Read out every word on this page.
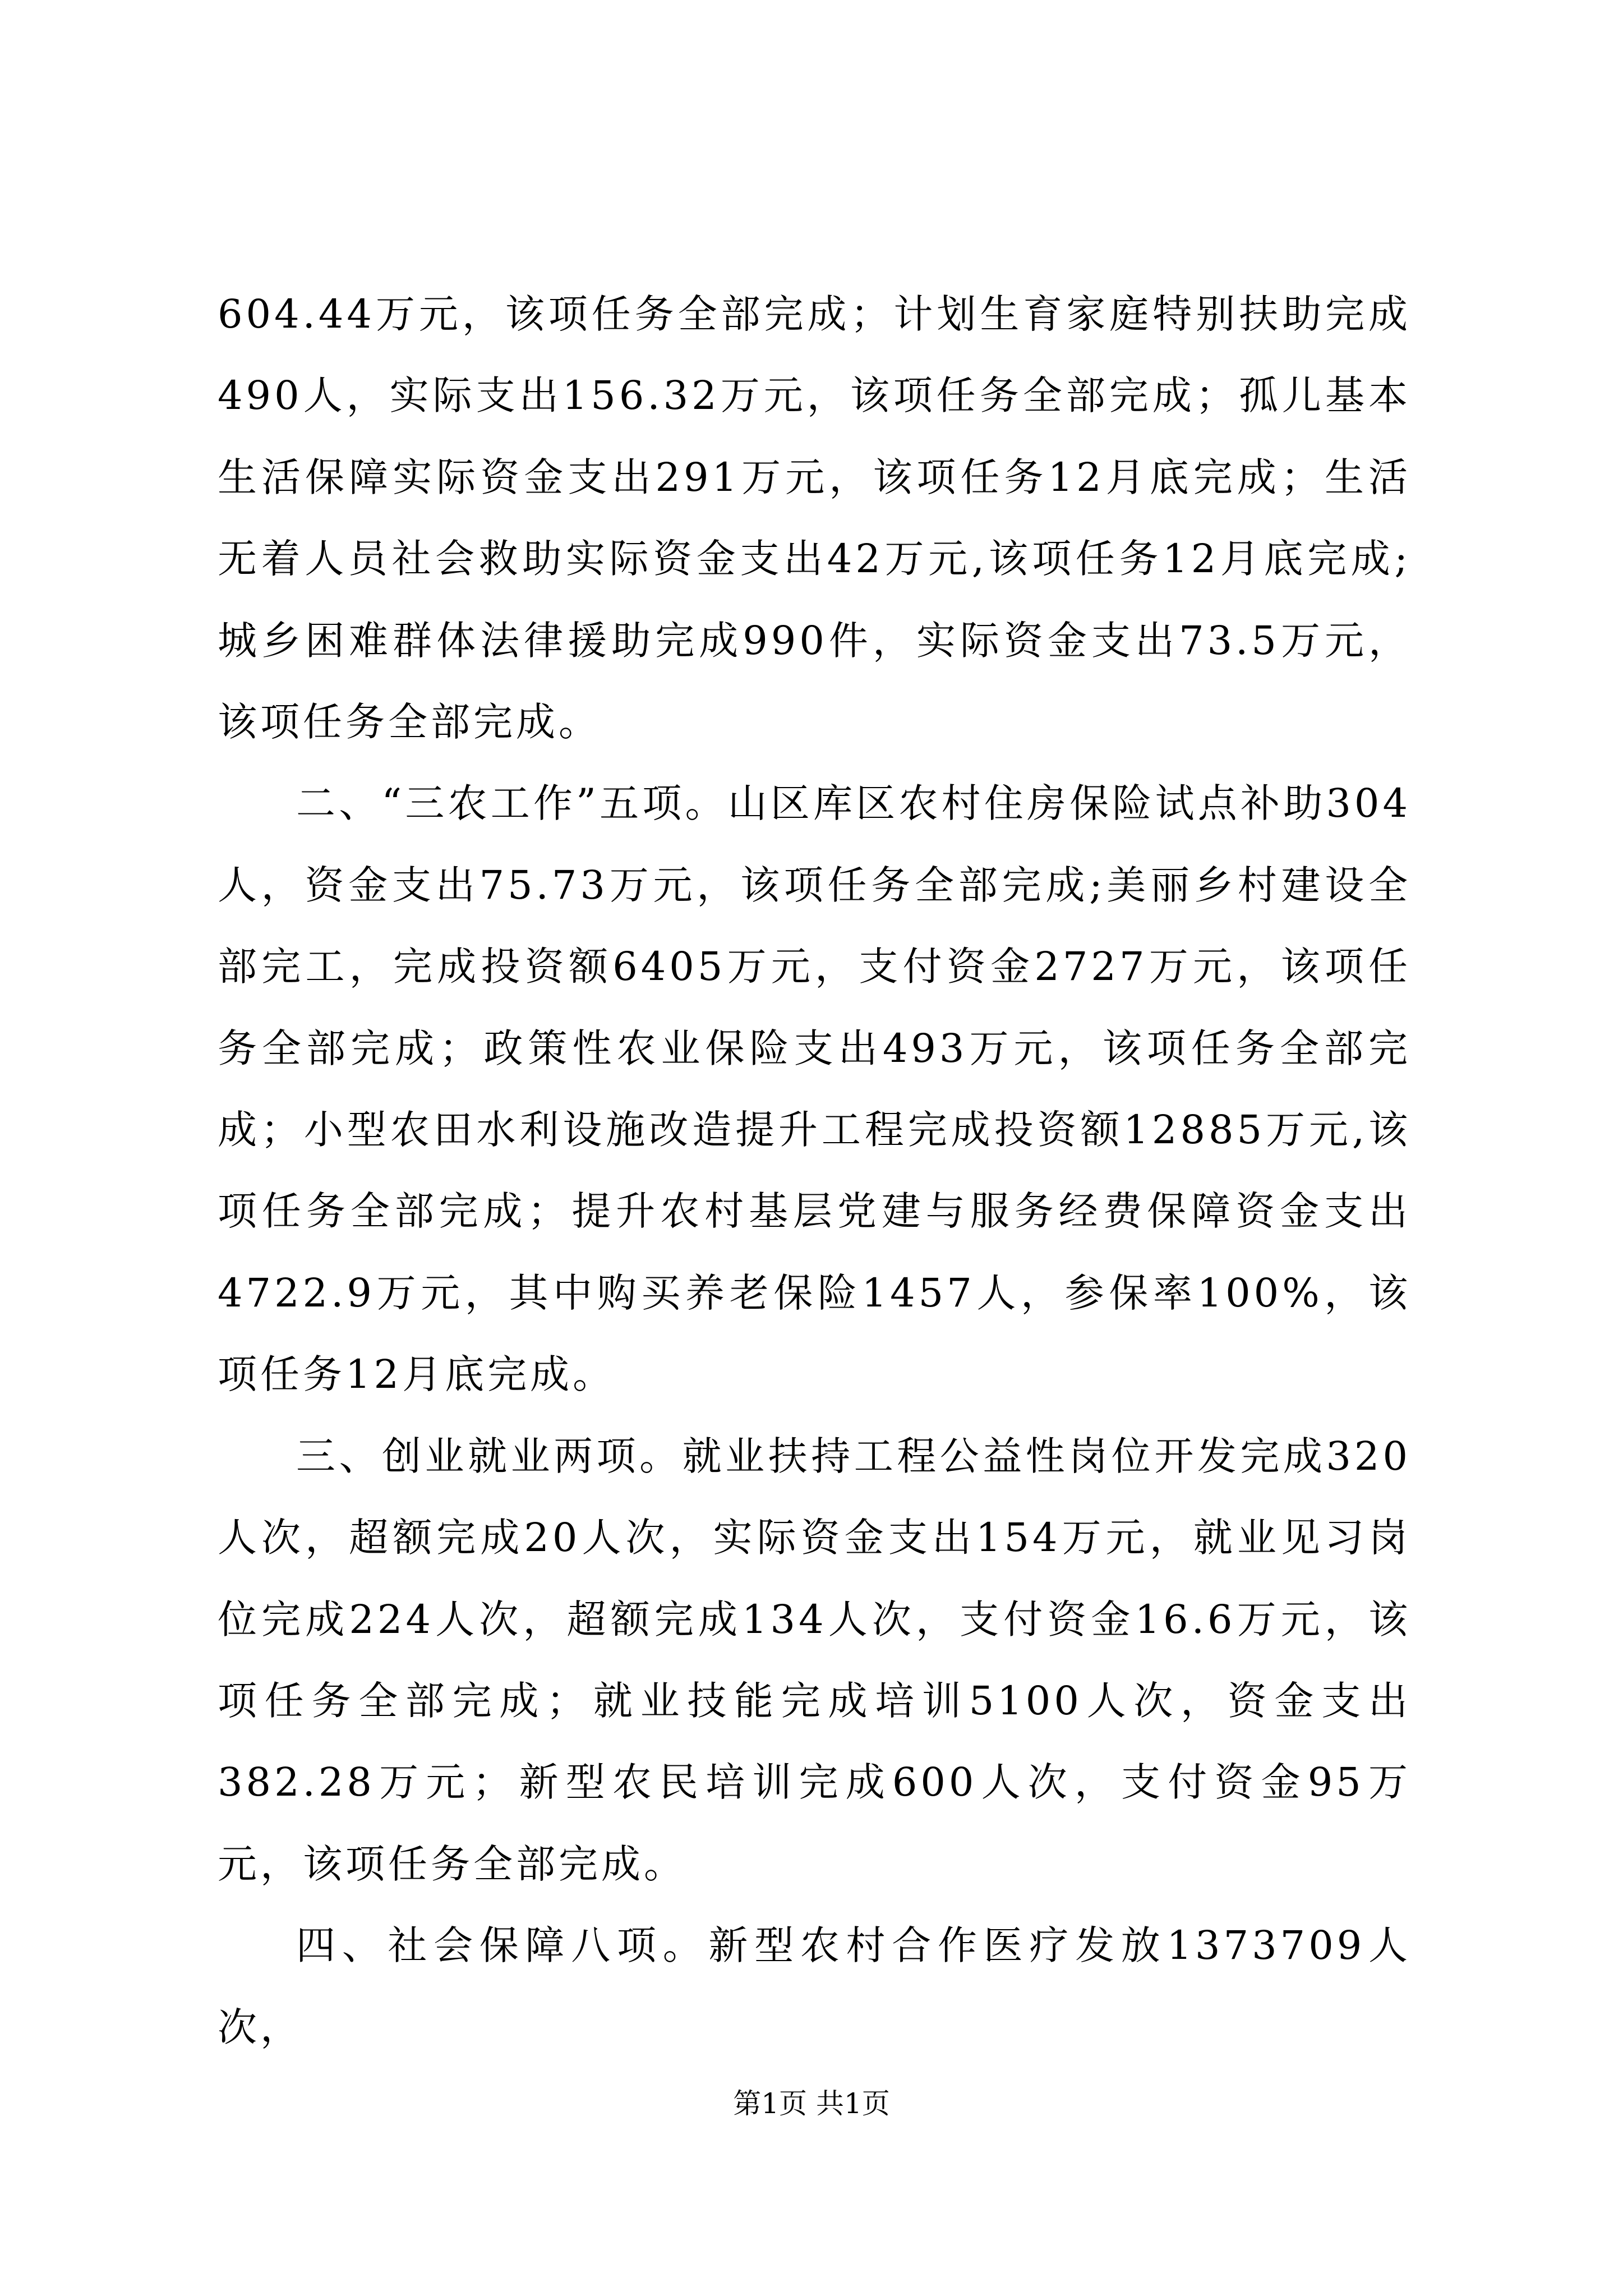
604.44万元，该项任务全部完成；计划生育家庭特别扶助完成490人，实际支出156.32万元，该项任务全部完成；孤儿基本生活保障实际资金支出291万元，该项任务12月底完成；生活无着人员社会救助实际资金支出42万元,该项任务12月底完成;城乡困难群体法律援助完成990件，实际资金支出73.5万元，该项任务全部完成。

二、“三农工作”五项。山区库区农村住房保险试点补助304人，资金支出75.73万元，该项任务全部完成;美丽乡村建设全部完工，完成投资额6405万元，支付资金2727万元，该项任务全部完成；政策性农业保险支出493万元，该项任务全部完成；小型农田水利设施改造提升工程完成投资额12885万元,该项任务全部完成；提升农村基层党建与服务经费保障资金支出4722.9万元，其中购买养老保险1457人，参保率100%，该项任务12月底完成。

三、创业就业两项。就业扶持工程公益性岗位开发完成320人次，超额完成20人次，实际资金支出154万元，就业见习岗位完成224人次，超额完成134人次，支付资金16.6万元，该项任务全部完成；就业技能完成培训5100人次，资金支出382.28万元；新型农民培训完成600人次，支付资金95万元，该项任务全部完成。

四、社会保障八项。新型农村合作医疗发放1373709人次，

第1页 共1页
